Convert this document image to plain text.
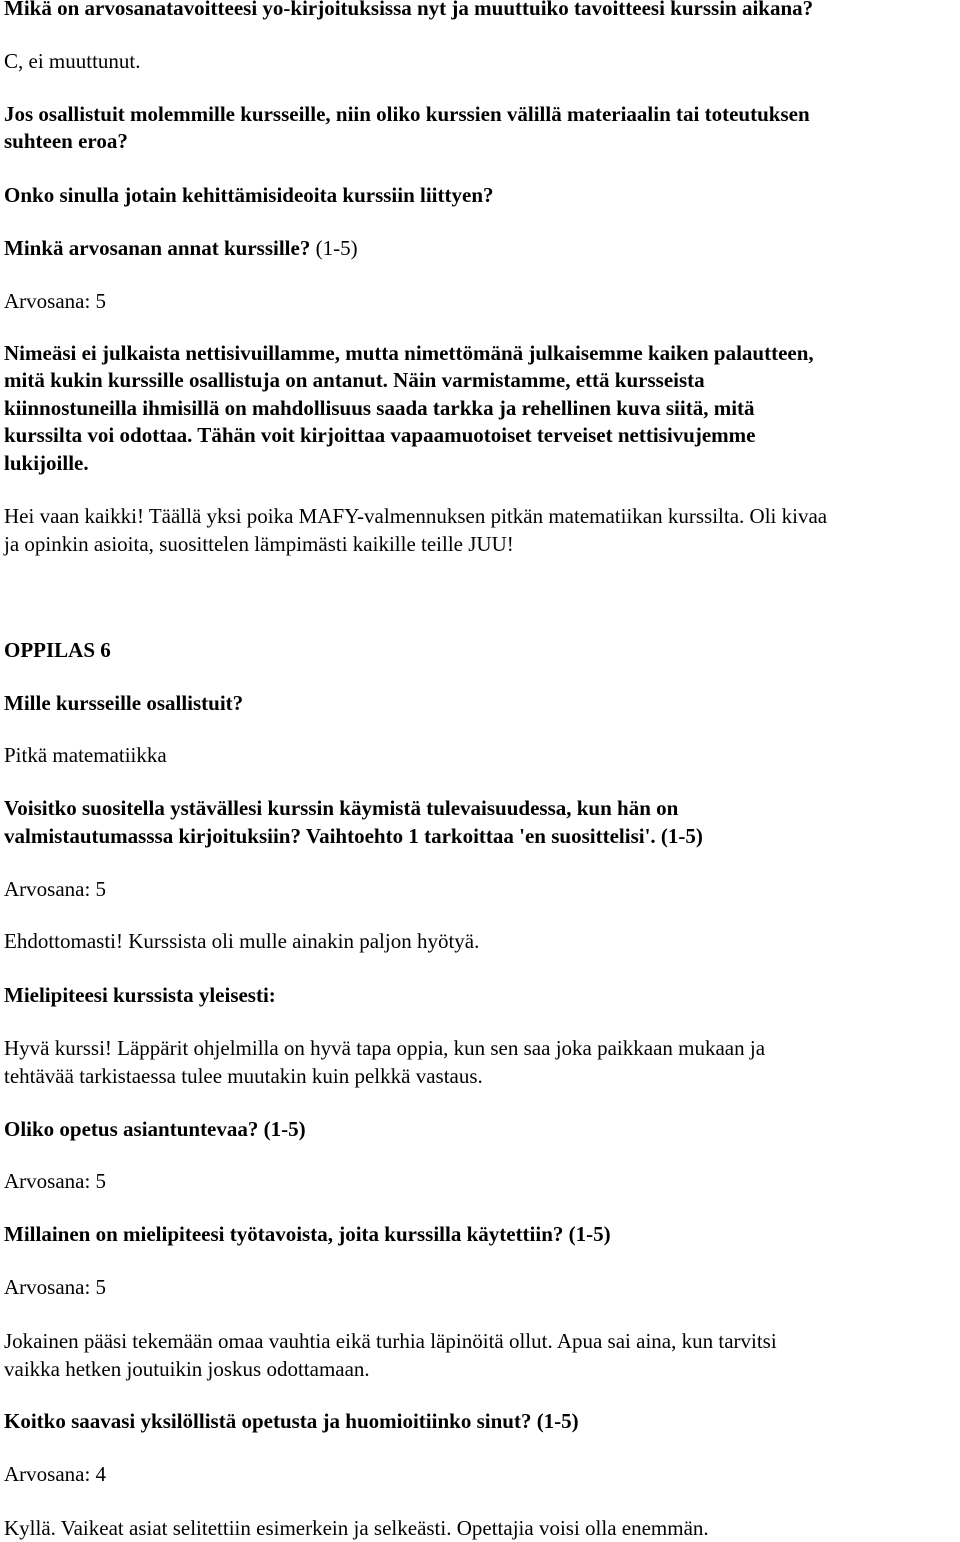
Mikä on arvosanatavoitteesi yo-kirjoituksissa nyt ja muuttuiko tavoitteesi kurssin aikana?
C, ei muuttunut.
Jos osallistuit molemmille kursseille, niin oliko kurssien välillä materiaalin tai toteutuksen
suhteen eroa?
Onko sinulla jotain kehittämisideoita kurssiin liittyen?
Minkä arvosanan annat kurssille? (1-5)
Arvosana: 5
Nimeäsi ei julkaista nettisivuillamme, mutta nimettömänä julkaisemme kaiken palautteen,
mitä kukin kurssille osallistuja on antanut. Näin varmistamme, että kursseista
kiinnostuneilla ihmisillä on mahdollisuus saada tarkka ja rehellinen kuva siitä, mitä
kurssilta voi odottaa. Tähän voit kirjoittaa vapaamuotoiset terveiset nettisivujemme
lukijoille.
Hei vaan kaikki! Täällä yksi poika MAFY-valmennuksen pitkän matematiikan kurssilta. Oli kivaa
ja opinkin asioita, suosittelen lämpimästi kaikille teille JUU!
OPPILAS 6
Mille kursseille osallistuit?
Pitkä matematiikka
Voisitko suositella ystävällesi kurssin käymistä tulevaisuudessa, kun hän on
valmistautumasssa kirjoituksiin? Vaihtoehto 1 tarkoittaa 'en suosittelisi'. (1-5)
Arvosana: 5
Ehdottomasti! Kurssista oli mulle ainakin paljon hyötyä.
Mielipiteesi kurssista yleisesti:
Hyvä kurssi! Läppärit ohjelmilla on hyvä tapa oppia, kun sen saa joka paikkaan mukaan ja
tehtävää tarkistaessa tulee muutakin kuin pelkkä vastaus.
Oliko opetus asiantuntevaa? (1-5)
Arvosana: 5
Millainen on mielipiteesi työtavoista, joita kurssilla käytettiin? (1-5)
Arvosana: 5
Jokainen pääsi tekemään omaa vauhtia eikä turhia läpinöitä ollut. Apua sai aina, kun tarvitsi
vaikka hetken joutuikin joskus odottamaan.
Koitko saavasi yksilöllistä opetusta ja huomioitiinko sinut? (1-5)
Arvosana: 4
Kyllä. Vaikeat asiat selitettiin esimerkein ja selkeästi. Opettajia voisi olla enemmän.
